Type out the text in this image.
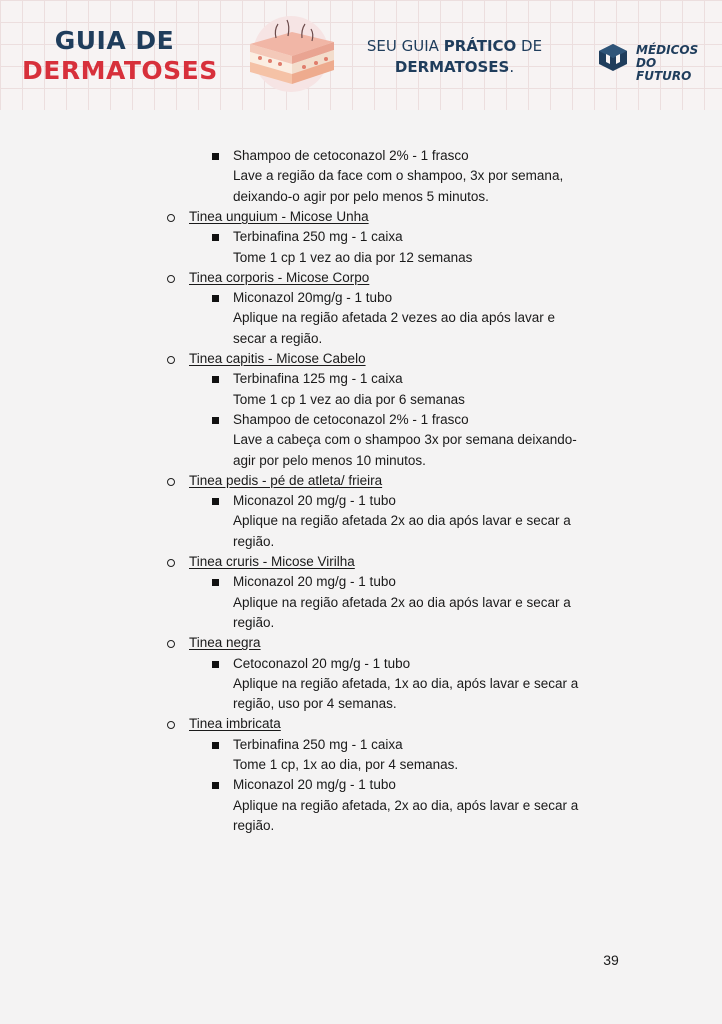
GUIA DE
DERMATOSES
SEU GUIA PRÁTICO DE
DERMATOSES.
MÉDICOS
DO FUTURO
Shampoo de cetoconazol 2% - 1 frasco
Lave a região da face com o shampoo, 3x por semana,
deixando-o agir por pelo menos 5 minutos.
Tinea unguium - Micose Unha
Terbinafina 250 mg - 1 caixa
Tome 1 cp 1 vez ao dia por 12 semanas
Tinea corporis - Micose Corpo
Miconazol 20mg/g - 1 tubo
Aplique na região afetada 2 vezes ao dia após lavar e
secar a região.
Tinea capitis - Micose Cabelo
Terbinafina 125 mg - 1 caixa
Tome 1 cp 1 vez ao dia por 6 semanas
Shampoo de cetoconazol 2% - 1 frasco
Lave a cabeça com o shampoo 3x por semana deixando-
agir por pelo menos 10 minutos.
Tinea pedis - pé de atleta/ frieira
Miconazol 20 mg/g - 1 tubo
Aplique na região afetada 2x ao dia após lavar e secar a
região.
Tinea cruris - Micose Virilha
Miconazol 20 mg/g - 1 tubo
Aplique na região afetada 2x ao dia após lavar e secar a
região.
Tinea negra
Cetoconazol 20 mg/g - 1 tubo
Aplique na região afetada, 1x ao dia, após lavar e secar a
região, uso por 4 semanas.
Tinea imbricata
Terbinafina 250 mg - 1 caixa
Tome 1 cp, 1x ao dia, por 4 semanas.
Miconazol 20 mg/g - 1 tubo
Aplique na região afetada, 2x ao dia, após lavar e secar a
região.
39
